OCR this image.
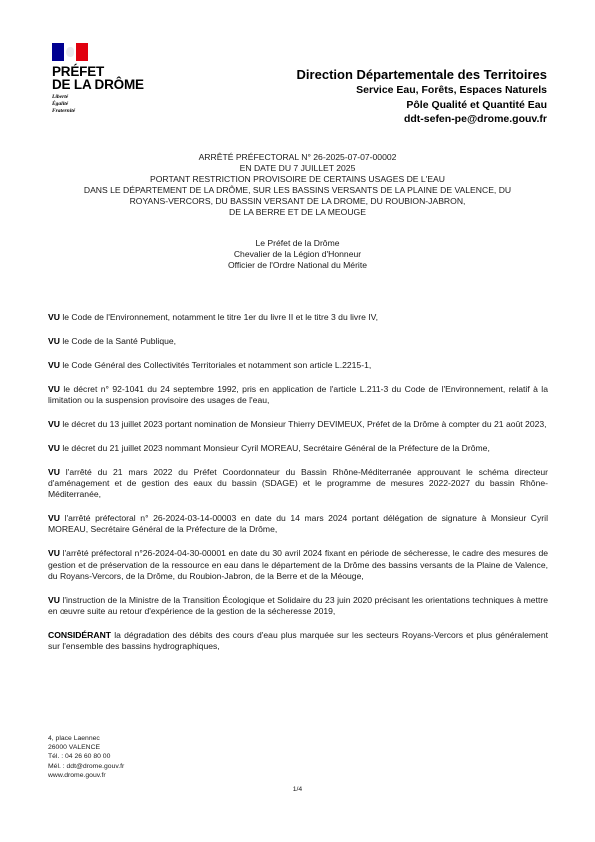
PRÉFET
DE LA DRÔME
Liberté
Égalité
Fraternité
Direction Départementale des Territoires
Service Eau, Forêts, Espaces Naturels
Pôle Qualité et Quantité Eau
ddt-sefen-pe@drome.gouv.fr
ARRÊTÉ PRÉFECTORAL N° 26-2025-07-07-00002
EN DATE DU 7 JUILLET 2025
PORTANT RESTRICTION PROVISOIRE DE CERTAINS USAGES DE L'EAU
DANS LE DÉPARTEMENT DE LA DRÔME, SUR LES BASSINS VERSANTS DE LA PLAINE DE VALENCE, DU
ROYANS-VERCORS, DU BASSIN VERSANT DE LA DROME, DU ROUBION-JABRON,
DE LA BERRE ET DE LA MEOUGE
Le Préfet de la Drôme
Chevalier de la Légion d'Honneur
Officier de l'Ordre National du Mérite

VU le Code de l'Environnement, notamment le titre 1er du livre II et le titre 3 du livre IV,

VU le Code de la Santé Publique,

VU le Code Général des Collectivités Territoriales et notamment son article L.2215-1,

VU le décret n° 92-1041 du 24 septembre 1992, pris en application de l'article L.211-3 du Code de l'Environnement, relatif à la limitation ou la suspension provisoire des usages de l'eau,

VU le décret du 13 juillet 2023 portant nomination de Monsieur Thierry DEVIMEUX, Préfet de la Drôme à compter du 21 août 2023,

VU le décret du 21 juillet 2023 nommant Monsieur Cyril MOREAU, Secrétaire Général de la Préfecture de la Drôme,

VU l'arrêté du 21 mars 2022 du Préfet Coordonnateur du Bassin Rhône-Méditerranée approuvant le schéma directeur d'aménagement et de gestion des eaux du bassin (SDAGE) et le programme de mesures 2022-2027 du bassin Rhône-Méditerranée,

VU l'arrêté préfectoral n° 26-2024-03-14-00003 en date du 14 mars 2024 portant délégation de signature à Monsieur Cyril MOREAU, Secrétaire Général de la Préfecture de la Drôme,

VU l'arrêté préfectoral n°26-2024-04-30-00001 en date du 30 avril 2024 fixant en période de sécheresse, le cadre des mesures de gestion et de préservation de la ressource en eau dans le département de la Drôme des bassins versants de la Plaine de Valence, du Royans-Vercors, de la Drôme, du Roubion-Jabron, de la Berre et de la Méouge,

VU l'instruction de la Ministre de la Transition Écologique et Solidaire du 23 juin 2020 précisant les orientations techniques à mettre en œuvre suite au retour d'expérience de la gestion de la sécheresse 2019,

CONSIDÉRANT la dégradation des débits des cours d'eau plus marquée sur les secteurs Royans-Vercors et plus généralement sur l'ensemble des bassins hydrographiques,

4, place Laennec
26000 VALENCE
Tél. : 04 26 60 80 00
Mél. : ddt@drome.gouv.fr
www.drome.gouv.fr
1/4
